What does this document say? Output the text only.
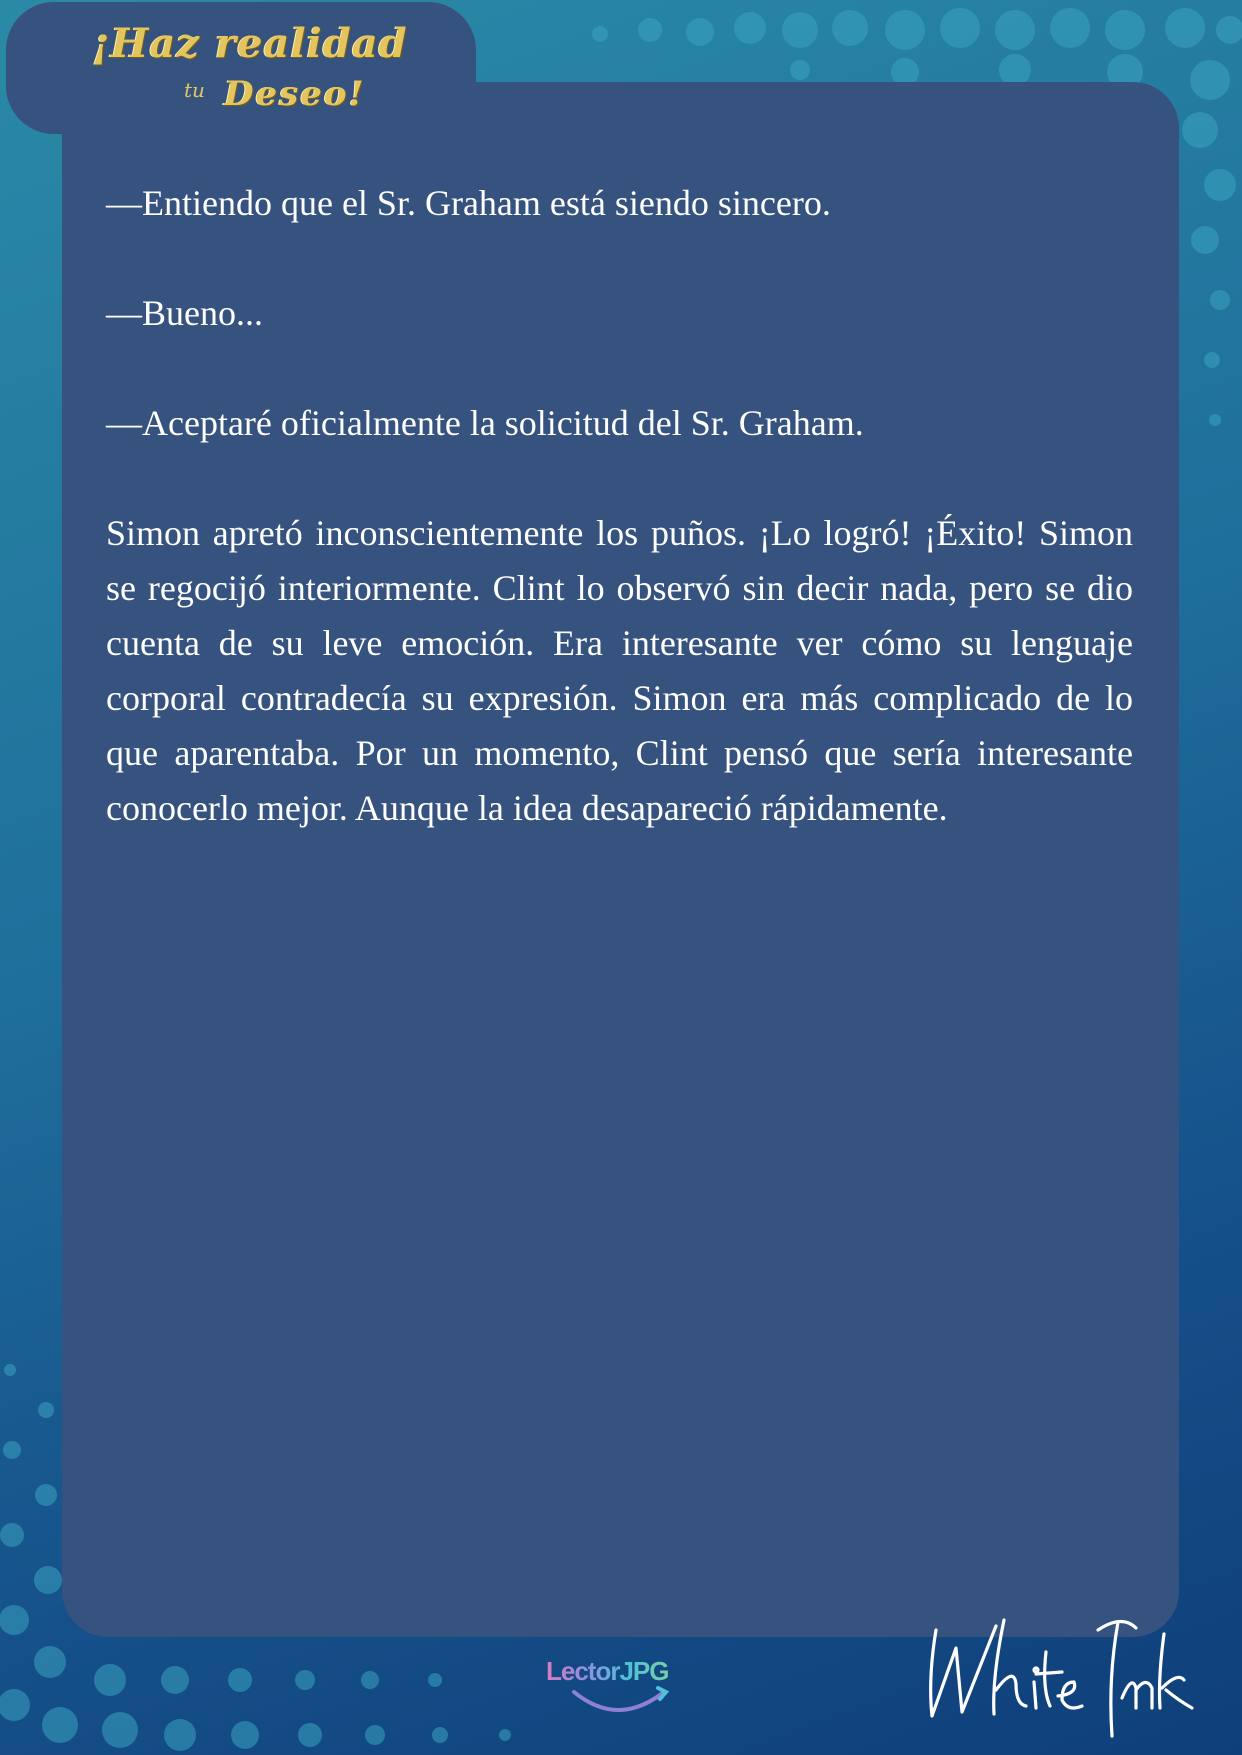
¡Haz realidad
tu Deseo!

—Entiendo que el Sr. Graham está siendo sincero.

—Bueno...

—Aceptaré oficialmente la solicitud del Sr. Graham.

Simon apretó inconscientemente los puños. ¡Lo logró! ¡Éxito! Simon se regocijó interiormente. Clint lo observó sin decir nada, pero se dio cuenta de su leve emoción. Era interesante ver cómo su lenguaje corporal contradecía su expresión. Simon era más complicado de lo que aparentaba. Por un momento, Clint pensó que sería interesante conocerlo mejor. Aunque la idea desapareció rápidamente.

LectorJPG
